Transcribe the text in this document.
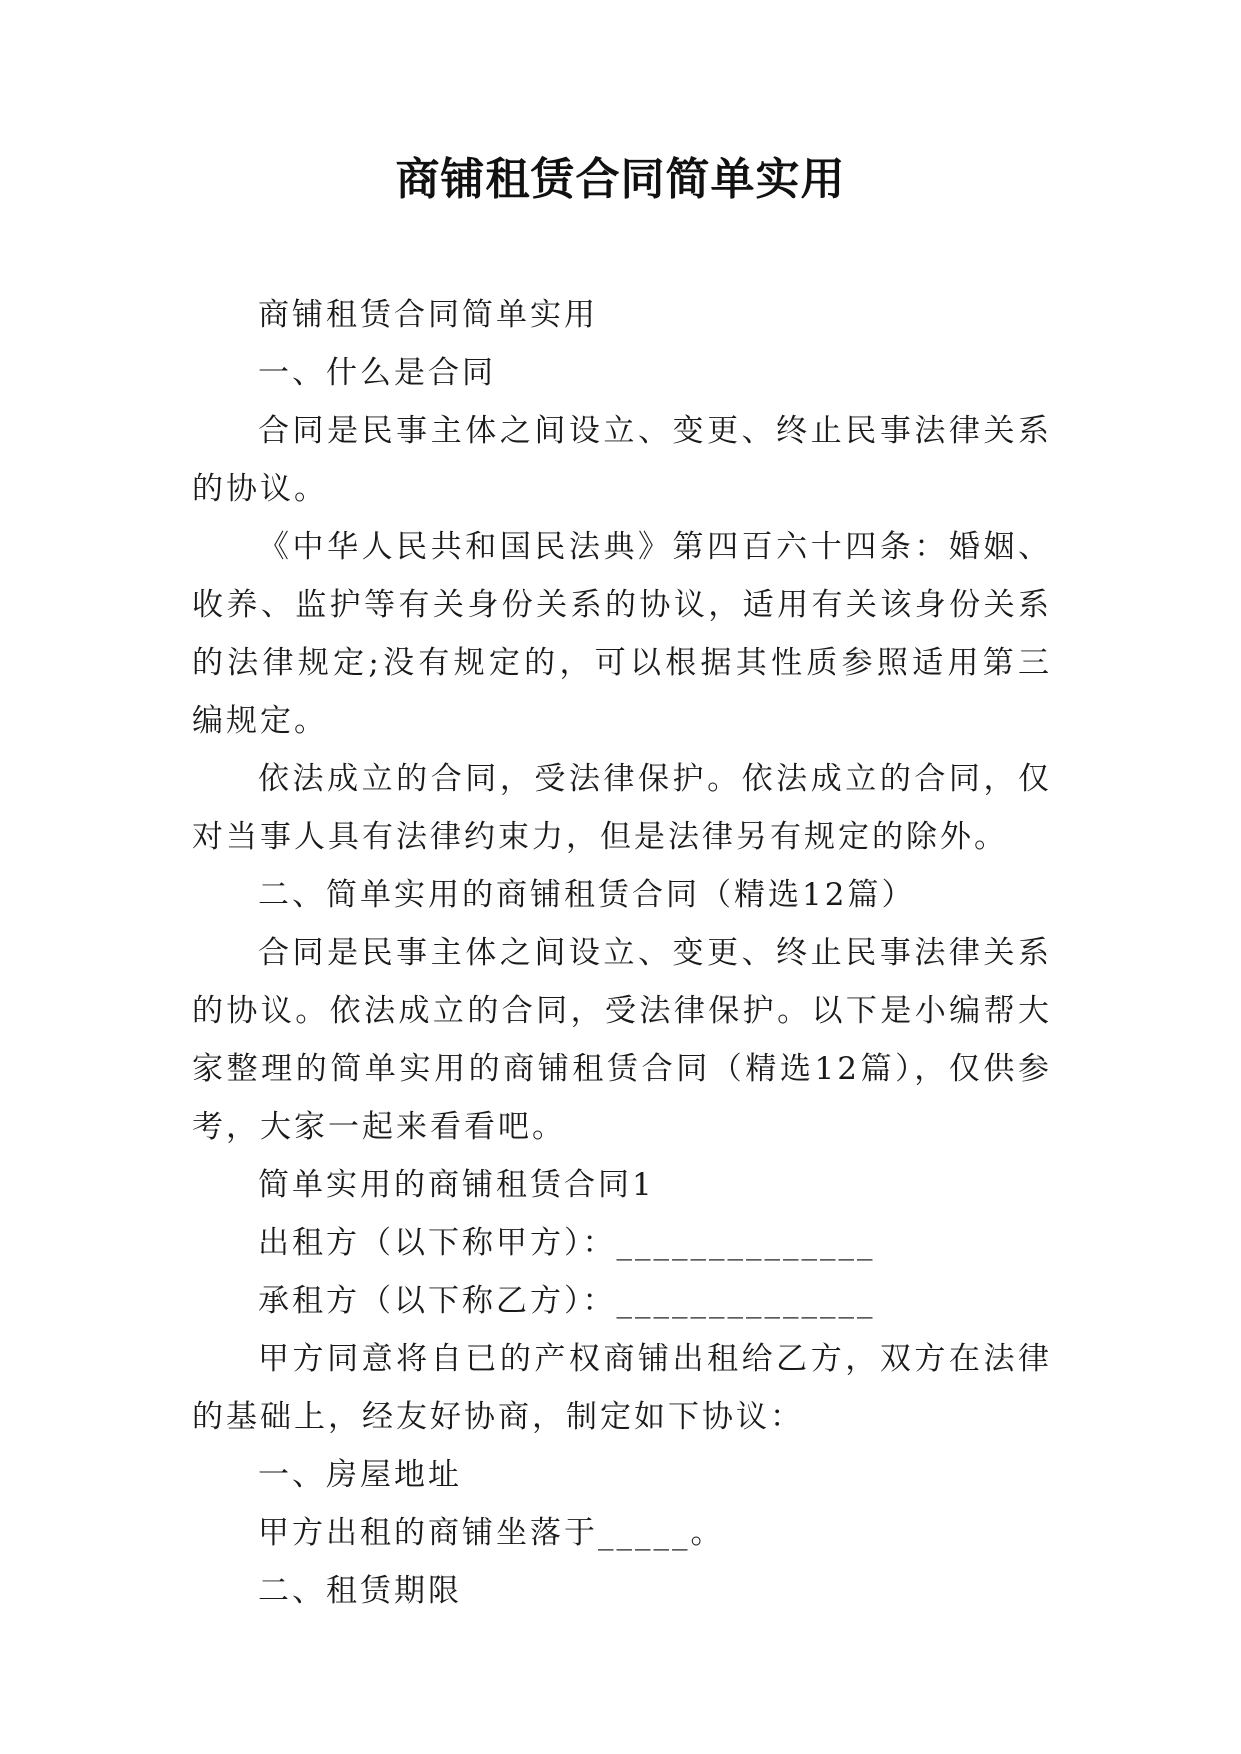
商铺租赁合同简单实用

商铺租赁合同简单实用

一、什么是合同

合同是民事主体之间设立、变更、终止民事法律关系的协议。

《中华人民共和国民法典》第四百六十四条：婚姻、收养、监护等有关身份关系的协议，适用有关该身份关系的法律规定;没有规定的，可以根据其性质参照适用第三编规定。

依法成立的合同，受法律保护。依法成立的合同，仅对当事人具有法律约束力，但是法律另有规定的除外。

二、简单实用的商铺租赁合同（精选12篇）

合同是民事主体之间设立、变更、终止民事法律关系的协议。依法成立的合同，受法律保护。以下是小编帮大家整理的简单实用的商铺租赁合同（精选12篇），仅供参考，大家一起来看看吧。

简单实用的商铺租赁合同1

出租方（以下称甲方）：______________

承租方（以下称乙方）：______________

甲方同意将自已的产权商铺出租给乙方，双方在法律的基础上，经友好协商，制定如下协议：

一、房屋地址

甲方出租的商铺坐落于_____。

二、租赁期限
